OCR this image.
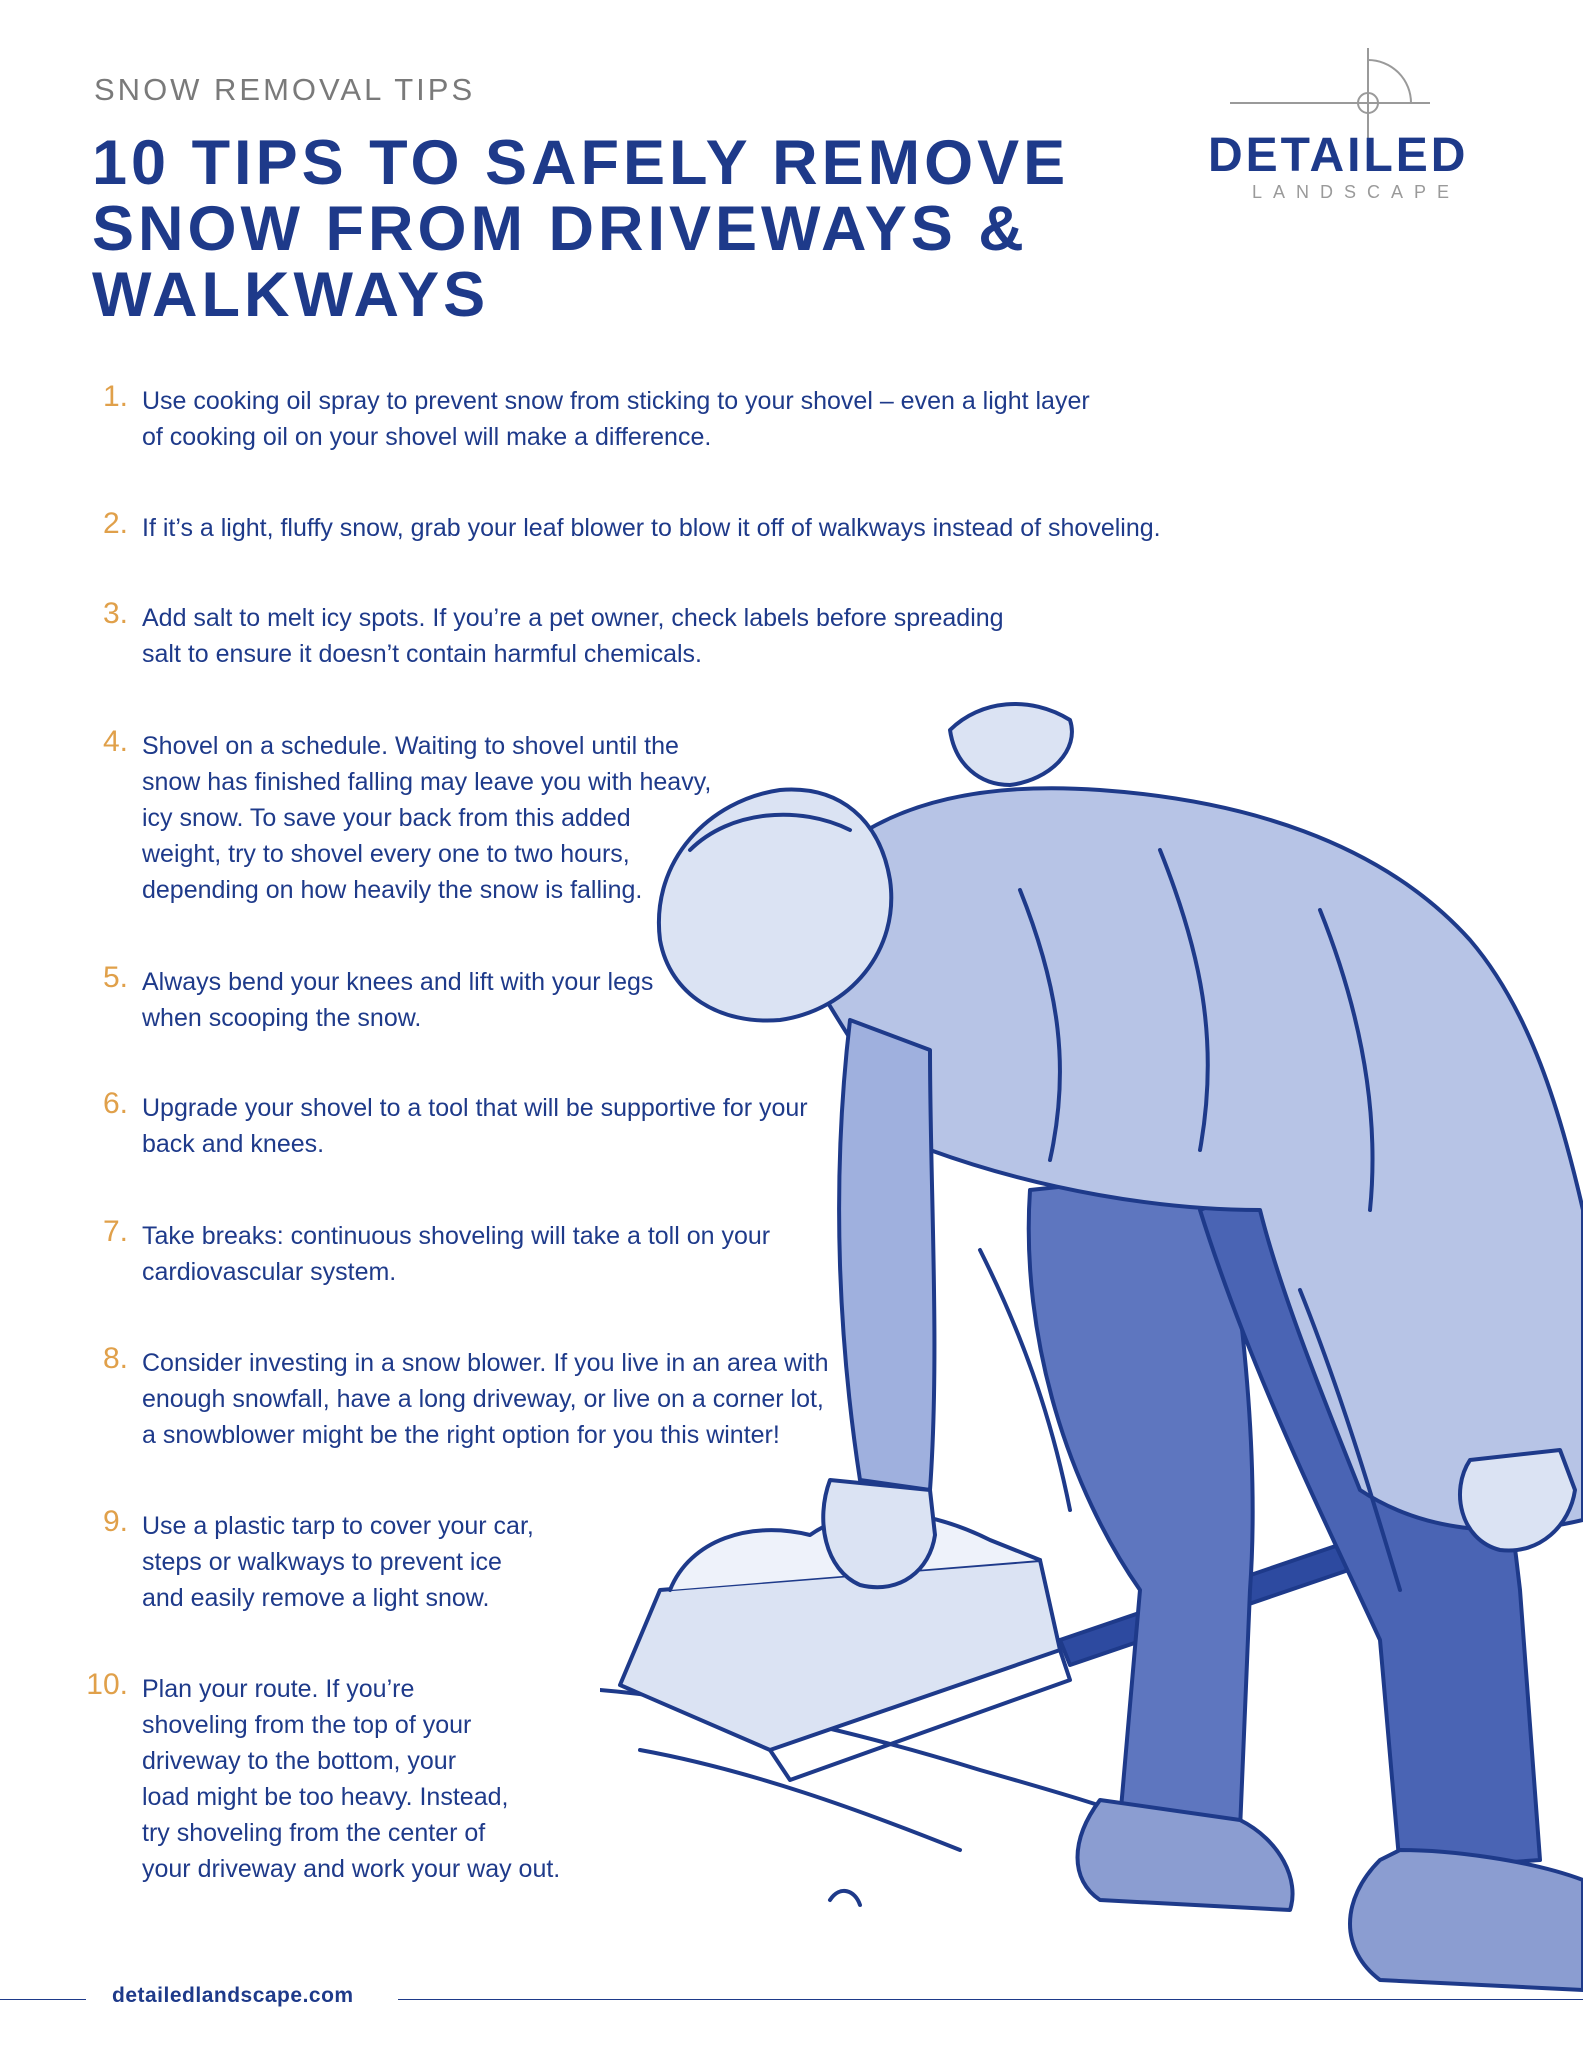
SNOW REMOVAL TIPS
10 TIPS TO SAFELY REMOVE SNOW FROM DRIVEWAYS & WALKWAYS
DETAILED
LANDSCAPE
1. Use cooking oil spray to prevent snow from sticking to your shovel – even a light layer
of cooking oil on your shovel will make a difference.

2. If it’s a light, fluffy snow, grab your leaf blower to blow it off of walkways instead of shoveling.

3. Add salt to melt icy spots. If you’re a pet owner, check labels before spreading
salt to ensure it doesn’t contain harmful chemicals.

4. Shovel on a schedule. Waiting to shovel until the
snow has finished falling may leave you with heavy,
icy snow. To save your back from this added
weight, try to shovel every one to two hours,
depending on how heavily the snow is falling.

5. Always bend your knees and lift with your legs
when scooping the snow.

6. Upgrade your shovel to a tool that will be supportive for your
back and knees.

7. Take breaks: continuous shoveling will take a toll on your
cardiovascular system.

8. Consider investing in a snow blower. If you live in an area with
enough snowfall, have a long driveway, or live on a corner lot,
a snowblower might be the right option for you this winter!

9. Use a plastic tarp to cover your car,
steps or walkways to prevent ice
and easily remove a light snow.

10. Plan your route. If you’re
shoveling from the top of your
driveway to the bottom, your
load might be too heavy. Instead,
try shoveling from the center of
your driveway and work your way out.

detailedlandscape.com
